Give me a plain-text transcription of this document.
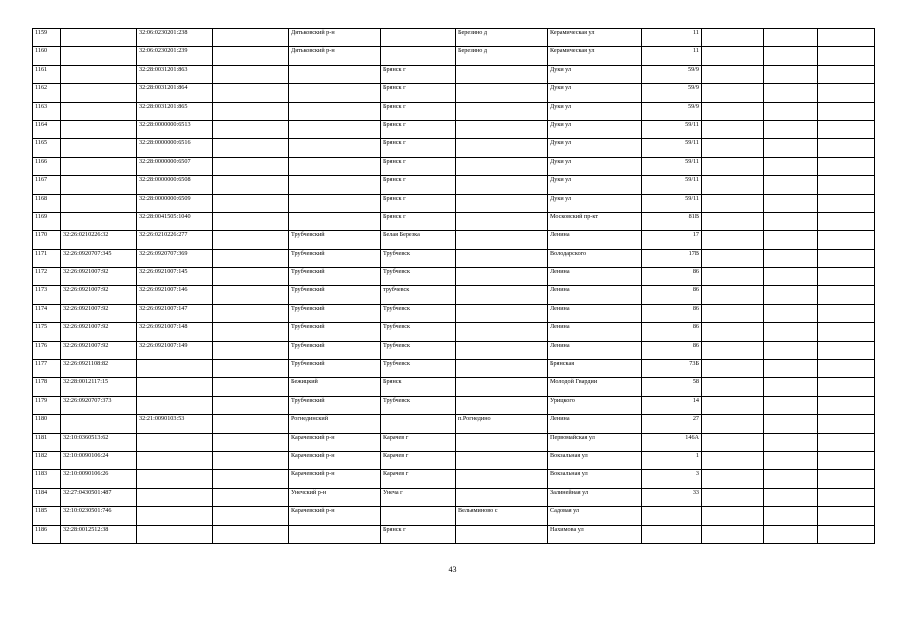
1159		32:06:0230201:238		Дятьковский р-н		Березино д	Керамическая ул	11			
1160		32:06:0230201:239		Дятьковский р-н		Березино д	Керамическая ул	11			
1161		32:28:0031201:863			Брянск г		Дуки ул	59/9			
1162		32:28:0031201:864			Брянск г		Дуки ул	59/9			
1163		32:28:0031201:865			Брянск г		Дуки ул	59/9			
1164		32:28:0000000:6513			Брянск г		Дуки ул	59/11			
1165		32:28:0000000:6516			Брянск г		Дуки ул	59/11			
1166		32:28:0000000:6507			Брянск г		Дуки ул	59/11			
1167		32:28:0000000:6508			Брянск г		Дуки ул	59/11			
1168		32:28:0000000:6509			Брянск г		Дуки ул	59/11			
1169		32:28:0041505:1040			Брянск г		Московский пр-кт	81В			
1170	32:26:0210226:32	32:26:0210226:277		Трубчевский	Белая Березка		Ленина	17			
1171	32:26:0920707:345	32:26:0920707:369		Трубчевский	Трубчевск		Володарского	17В			
1172	32:26:0921007:92	32:26:0921007:145		Трубчевский	Трубчевск		Ленина	86			
1173	32:26:0921007:92	32:26:0921007:146		Трубчевский	трубчевск		Ленина	86			
1174	32:26:0921007:92	32:26:0921007:147		Трубчевский	Трубчевск		Ленина	86			
1175	32:26:0921007:92	32:26:0921007:148		Трубчевский	Трубчевск		Ленина	86			
1176	32:26:0921007:92	32:26:0921007:149		Трубчевский	Трубчевск		Ленина	86			
1177	32:26:0921108:82			Трубчевский	Трубчевск		Брянская	73Б			
1178	32:28:0012117:15			Бежицкий	Брянск		Молодой Гвардии	58			
1179	32:26:0920707:373			Трубчевский	Трубчевск		Урицкого	14			
1180		32:21:0090103:53		Рогнединский		п.Рогнедино	Ленина	27			
1181	32:10:0360513:62			Карачевский р-н	Карачев г		Первомайская ул	146А			
1182	32:10:0090106:24			Карачевский р-н	Карачев г		Вокзальная ул	1			
1183	32:10:0090106:26			Карачевский р-н	Карачев г		Вокзальная ул	3			
1184	32:27:0430501:487			Унечский р-н	Унеча г		Залинейная ул	33			
1185	32:10:0230501:746			Карачевский р-н		Вельяминово с	Садовая ул				
1186	32:28:0012512:38				Брянск г		Нахимова ул				
43
